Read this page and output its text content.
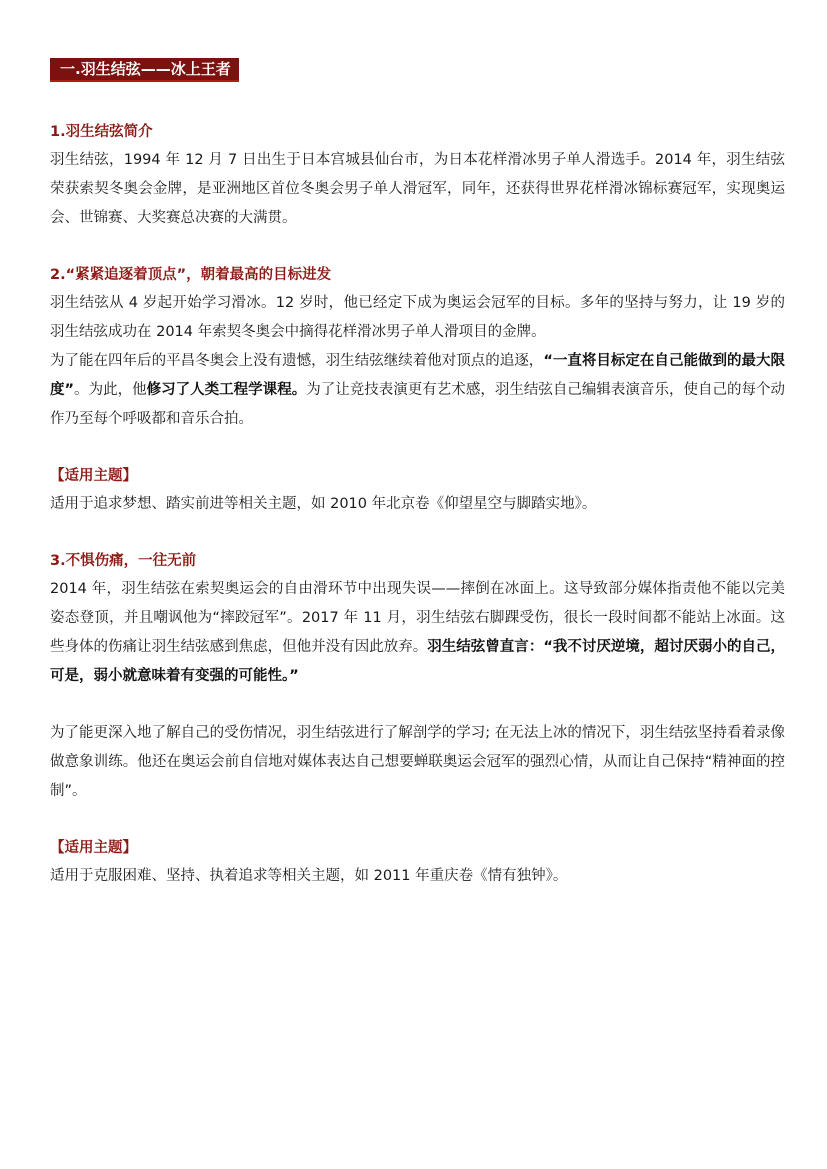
一.羽生结弦——冰上王者

1.羽生结弦简介

羽生结弦，1994 年 12 月 7 日出生于日本宫城县仙台市，为日本花样滑冰男子单人滑选手。2014 年，羽生结弦荣获索契冬奥会金牌，是亚洲地区首位冬奥会男子单人滑冠军，同年，还获得世界花样滑冰锦标赛冠军，实现奥运会、世锦赛、大奖赛总决赛的大满贯。

2.“紧紧追逐着顶点”，朝着最高的目标进发

羽生结弦从 4 岁起开始学习滑冰。12 岁时，他已经定下成为奥运会冠军的目标。多年的坚持与努力，让 19 岁的羽生结弦成功在 2014 年索契冬奥会中摘得花样滑冰男子单人滑项目的金牌。

为了能在四年后的平昌冬奥会上没有遗憾，羽生结弦继续着他对顶点的追逐，“一直将目标定在自己能做到的最大限度”。为此，他修习了人类工程学课程。为了让竞技表演更有艺术感，羽生结弦自己编辑表演音乐，使自己的每个动作乃至每个呼吸都和音乐合拍。

【适用主题】

适用于追求梦想、踏实前进等相关主题，如 2010 年北京卷《仰望星空与脚踏实地》。

3.不惧伤痛，一往无前

2014 年，羽生结弦在索契奥运会的自由滑环节中出现失误——摔倒在冰面上。这导致部分媒体指责他不能以完美姿态登顶，并且嘲讽他为“摔跤冠军”。2017 年 11 月，羽生结弦右脚踝受伤，很长一段时间都不能站上冰面。这些身体的伤痛让羽生结弦感到焦虑，但他并没有因此放弃。羽生结弦曾直言：“我不讨厌逆境，超讨厌弱小的自己，可是，弱小就意味着有变强的可能性。”

为了能更深入地了解自己的受伤情况，羽生结弦进行了解剖学的学习; 在无法上冰的情况下，羽生结弦坚持看着录像做意象训练。他还在奥运会前自信地对媒体表达自己想要蝉联奥运会冠军的强烈心情，从而让自己保持“精神面的控制”。

【适用主题】

适用于克服困难、坚持、执着追求等相关主题，如 2011 年重庆卷《情有独钟》。
